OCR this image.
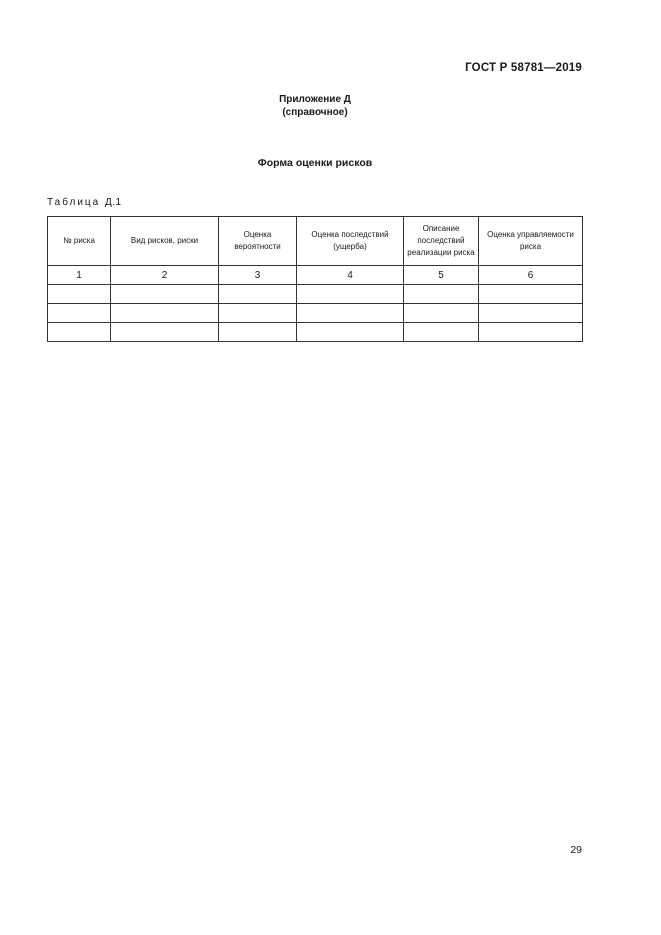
ГОСТ Р 58781—2019
Приложение Д
(справочное)
Форма оценки рисков
Таблица Д.1
№ риска	Вид рисков, риски	Оценка вероятности	Оценка последствий (ущерба)	Описание последствий реализации риска	Оценка управляемости риска
1	2	3	4	5	6

29
